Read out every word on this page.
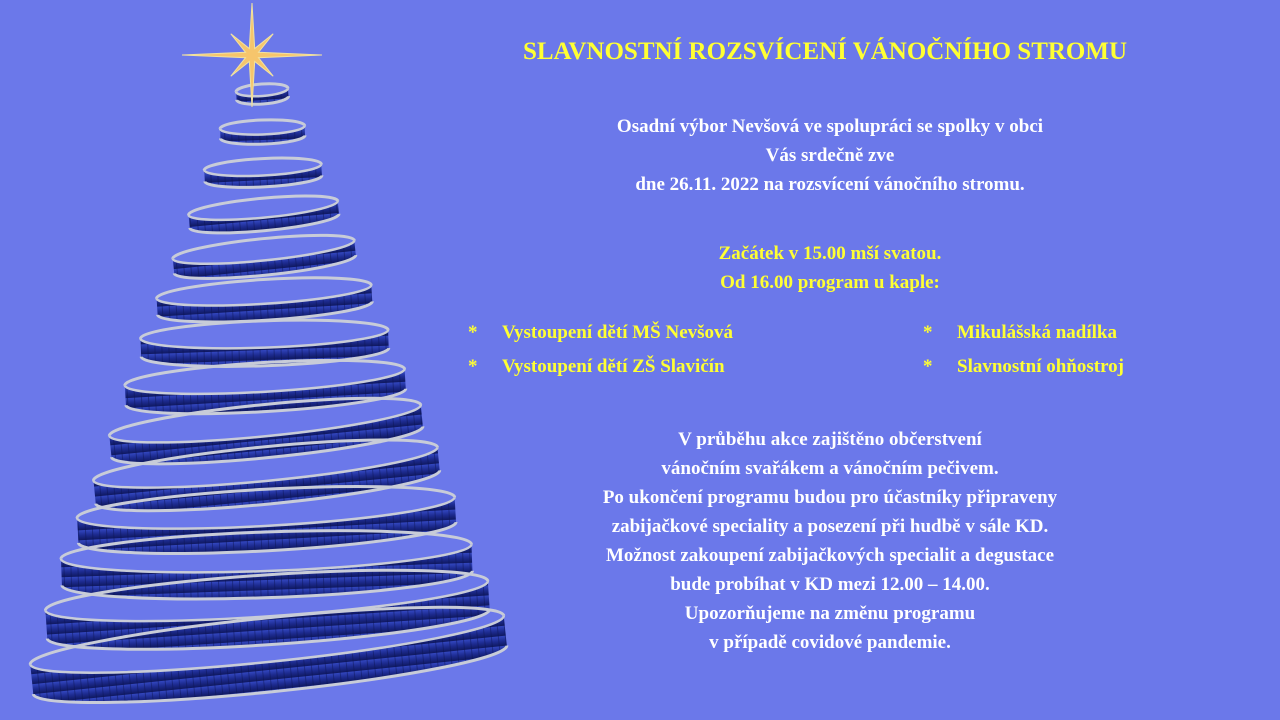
SLAVNOSTNÍ ROZSVÍCENÍ VÁNOČNÍHO STROMU
Osadní výbor Nevšová ve spolupráci se spolky v obci
Vás srdečně zve
dne 26.11. 2022 na rozsvícení vánočního stromu.
Začátek v 15.00 mší svatou.
Od 16.00 program u kaple:
* Vystoupení dětí MŠ Nevšová
* Vystoupení dětí ZŠ Slavičín
* Mikulášská nadílka
* Slavnostní ohňostroj
V průběhu akce zajištěno občerstvení
vánočním svařákem a vánočním pečivem.
Po ukončení programu budou pro účastníky připraveny
zabijačkové speciality a posezení při hudbě v sále KD.
Možnost zakoupení zabijačkových specialit a degustace
bude probíhat v KD mezi 12.00 – 14.00.
Upozorňujeme na změnu programu
v případě covidové pandemie.
